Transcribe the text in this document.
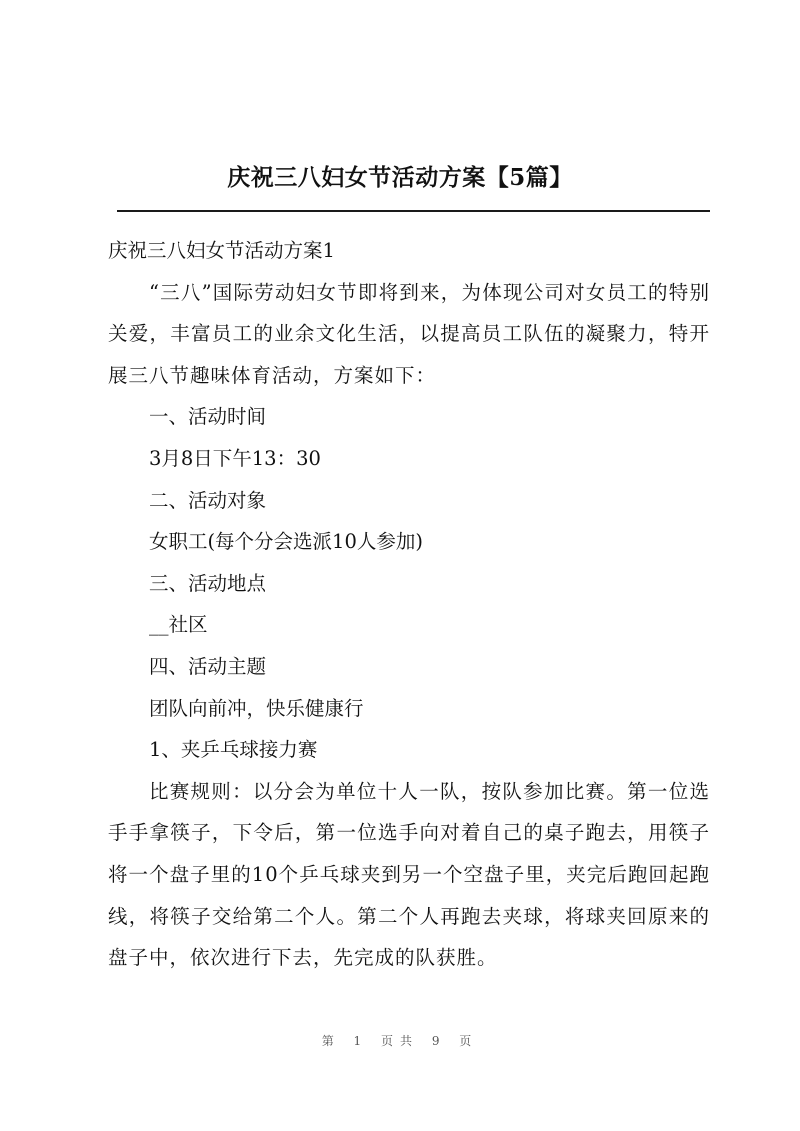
庆祝三八妇女节活动方案【5篇】

庆祝三八妇女节活动方案1

“三八”国际劳动妇女节即将到来，为体现公司对女员工的特别关爱，丰富员工的业余文化生活，以提高员工队伍的凝聚力，特开展三八节趣味体育活动，方案如下：

一、活动时间

3月8日下午13：30

二、活动对象

女职工(每个分会选派10人参加)

三、活动地点

__社区

四、活动主题

团队向前冲，快乐健康行

1、夹乒乓球接力赛

比赛规则：以分会为单位十人一队，按队参加比赛。第一位选手手拿筷子，下令后，第一位选手向对着自己的桌子跑去，用筷子将一个盘子里的10个乒乓球夹到另一个空盘子里，夹完后跑回起跑线，将筷子交给第二个人。第二个人再跑去夹球，将球夹回原来的盘子中，依次进行下去，先完成的队获胜。

第 1 页共 9 页
